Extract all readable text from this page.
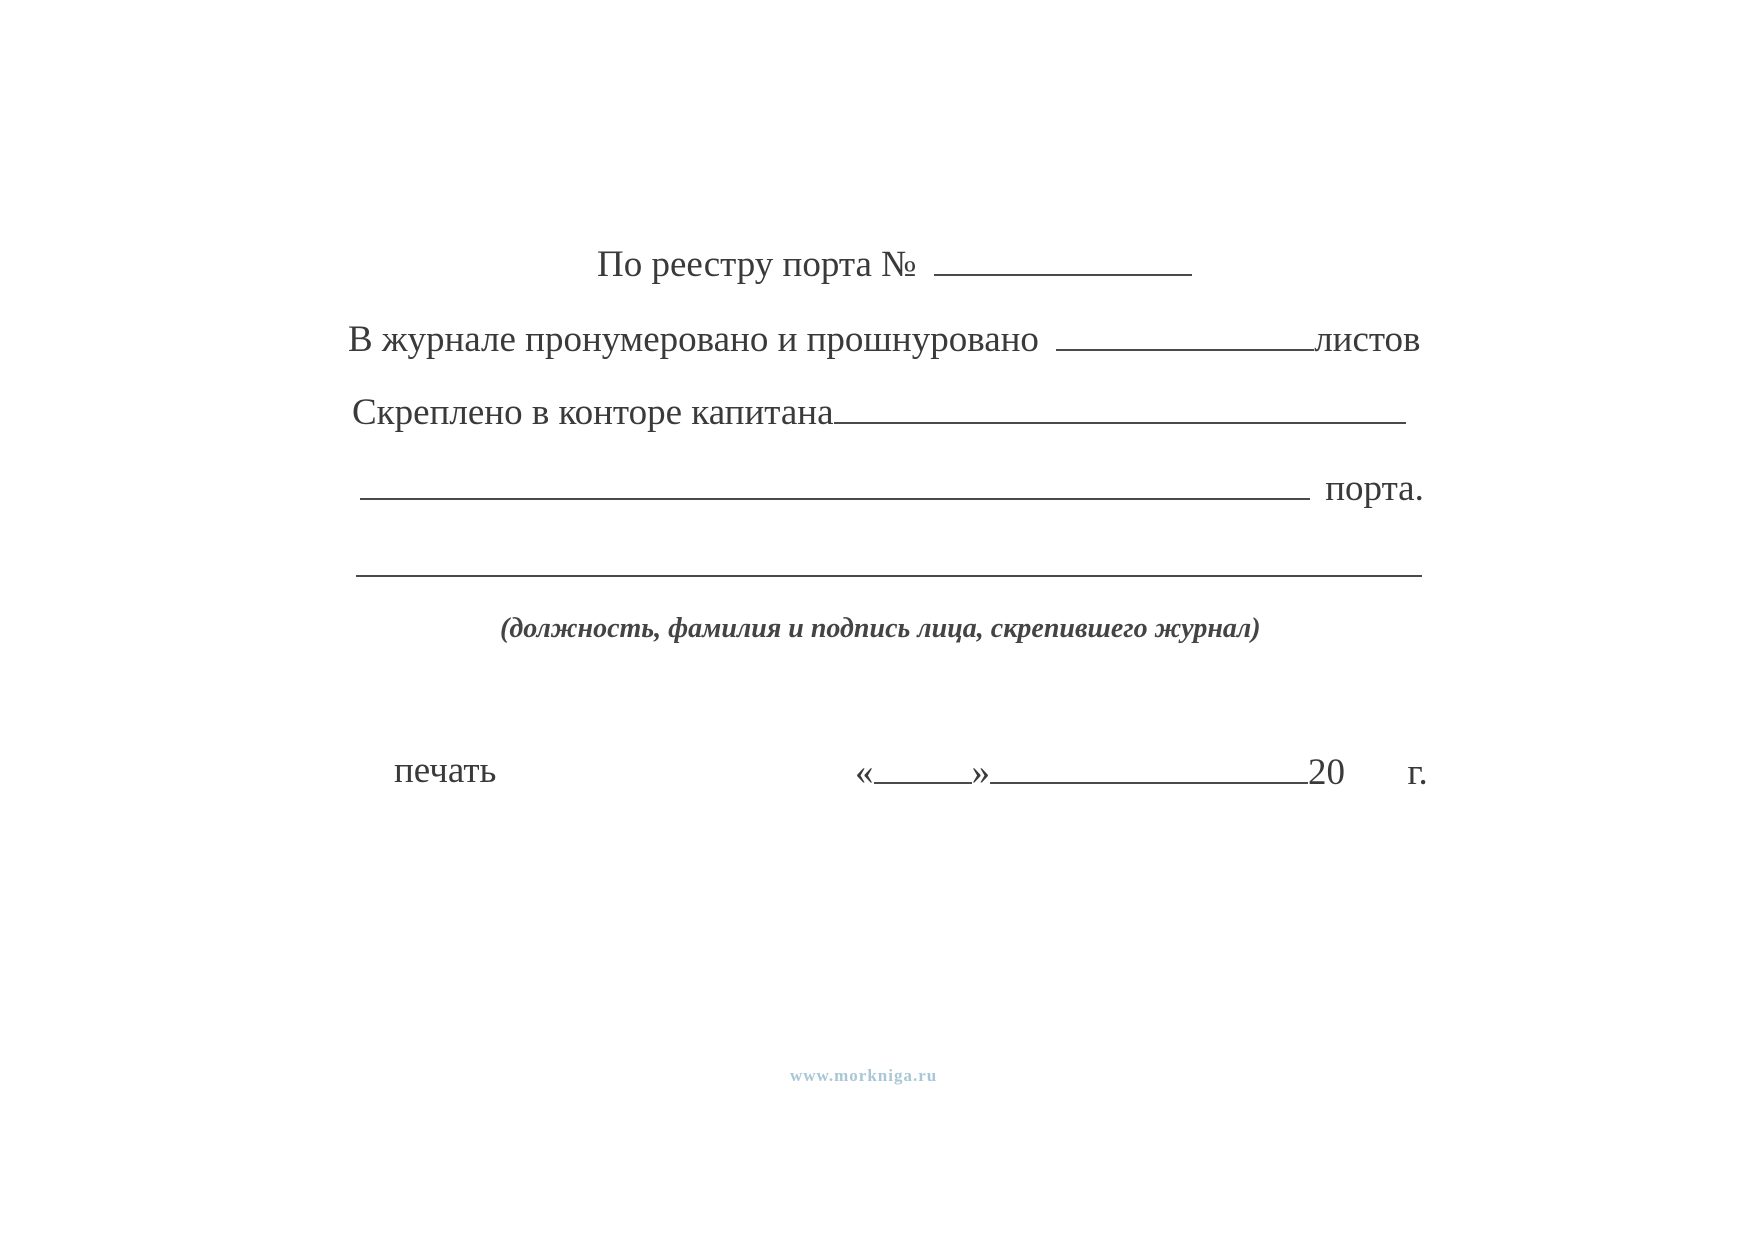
По реестру порта №
В журнале пронумеровано и прошнуровано	листов
Скреплено в конторе капитана
порта.
(должность, фамилия и подпись лица, скрепившего журнал)
печать	«	»	20 г.
www.morkniga.ru
